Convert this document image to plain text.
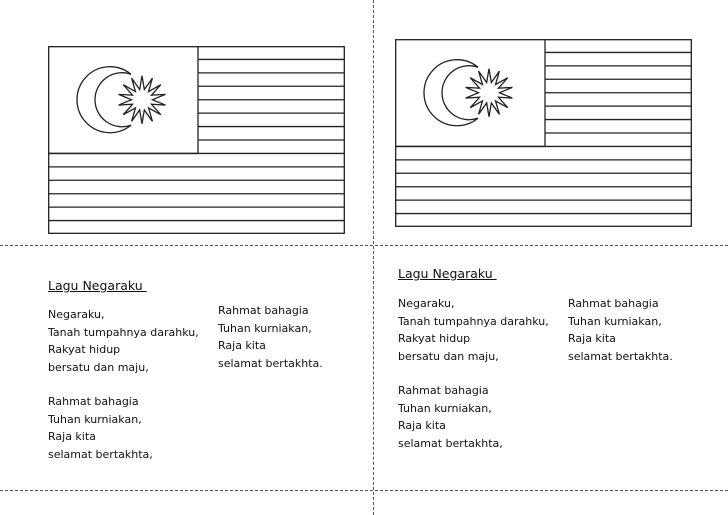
Lagu Negaraku
Negaraku,
Tanah tumpahnya darahku,
Rakyat hidup
bersatu dan maju,
Rahmat bahagia
Tuhan kurniakan,
Raja kita
selamat bertakhta,
Rahmat bahagia
Tuhan kurniakan,
Raja kita
selamat bertakhta.
Lagu Negaraku
Negaraku,
Tanah tumpahnya darahku,
Rakyat hidup
bersatu dan maju,
Rahmat bahagia
Tuhan kurniakan,
Raja kita
selamat bertakhta,
Rahmat bahagia
Tuhan kurniakan,
Raja kita
selamat bertakhta.
